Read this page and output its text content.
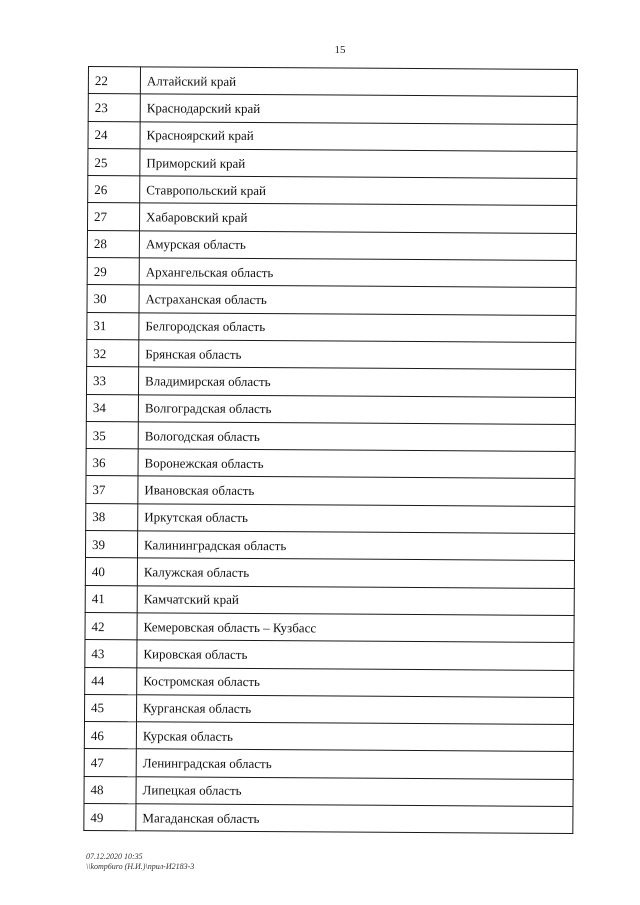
15
22	Алтайский край
23	Краснодарский край
24	Красноярский край
25	Приморский край
26	Ставропольский край
27	Хабаровский край
28	Амурская область
29	Архангельская область
30	Астраханская область
31	Белгородская область
32	Брянская область
33	Владимирская область
34	Волгоградская область
35	Вологодская область
36	Воронежская область
37	Ивановская область
38	Иркутская область
39	Калининградская область
40	Калужская область
41	Камчатский край
42	Кемеровская область – Кузбасс
43	Кировская область
44	Костромская область
45	Курганская область
46	Курская область
47	Ленинградская область
48	Липецкая область
49	Магаданская область
07.12.2020 10:35
\\komp6uro (Н.И.)\прил-И2183-3
